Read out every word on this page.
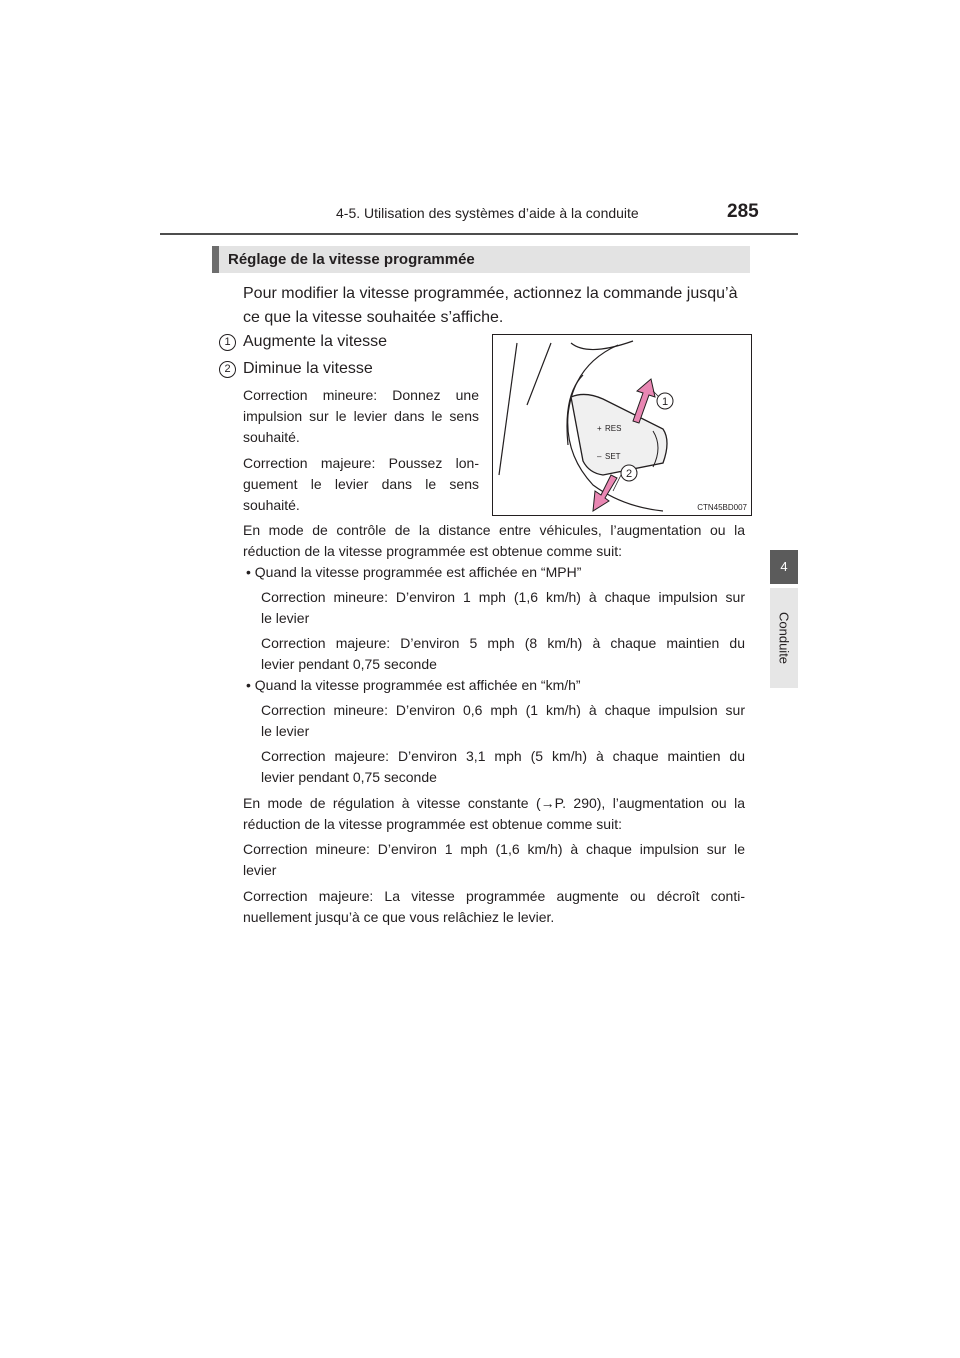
4-5. Utilisation des systèmes d’aide à la conduite	285
4
Conduite
Réglage de la vitesse programmée
Pour modifier la vitesse programmée, actionnez la commande jusqu’à
ce que la vitesse souhaitée s’affiche.
1 Augmente la vitesse
2 Diminue la vitesse
Correction mineure: Donnez une
impulsion sur le levier dans le sens
souhaité.
Correction majeure: Poussez lon-
guement le levier dans le sens
souhaité.
RES
+
SET
–
1
2
CTN45BD007
En mode de contrôle de la distance entre véhicules, l’augmentation ou la
réduction de la vitesse programmée est obtenue comme suit:
• Quand la vitesse programmée est affichée en “MPH”
Correction mineure: D’environ 1 mph (1,6 km/h) à chaque impulsion sur
le levier
Correction majeure: D’environ 5 mph (8 km/h) à chaque maintien du
levier pendant 0,75 seconde
• Quand la vitesse programmée est affichée en “km/h”
Correction mineure: D’environ 0,6 mph (1 km/h) à chaque impulsion sur
le levier
Correction majeure: D’environ 3,1 mph (5 km/h) à chaque maintien du
levier pendant 0,75 seconde
En mode de régulation à vitesse constante (→P. 290), l’augmentation ou la
réduction de la vitesse programmée est obtenue comme suit:
Correction mineure: D’environ 1 mph (1,6 km/h) à chaque impulsion sur le
levier
Correction majeure: La vitesse programmée augmente ou décroît conti-
nuellement jusqu’à ce que vous relâchiez le levier.
